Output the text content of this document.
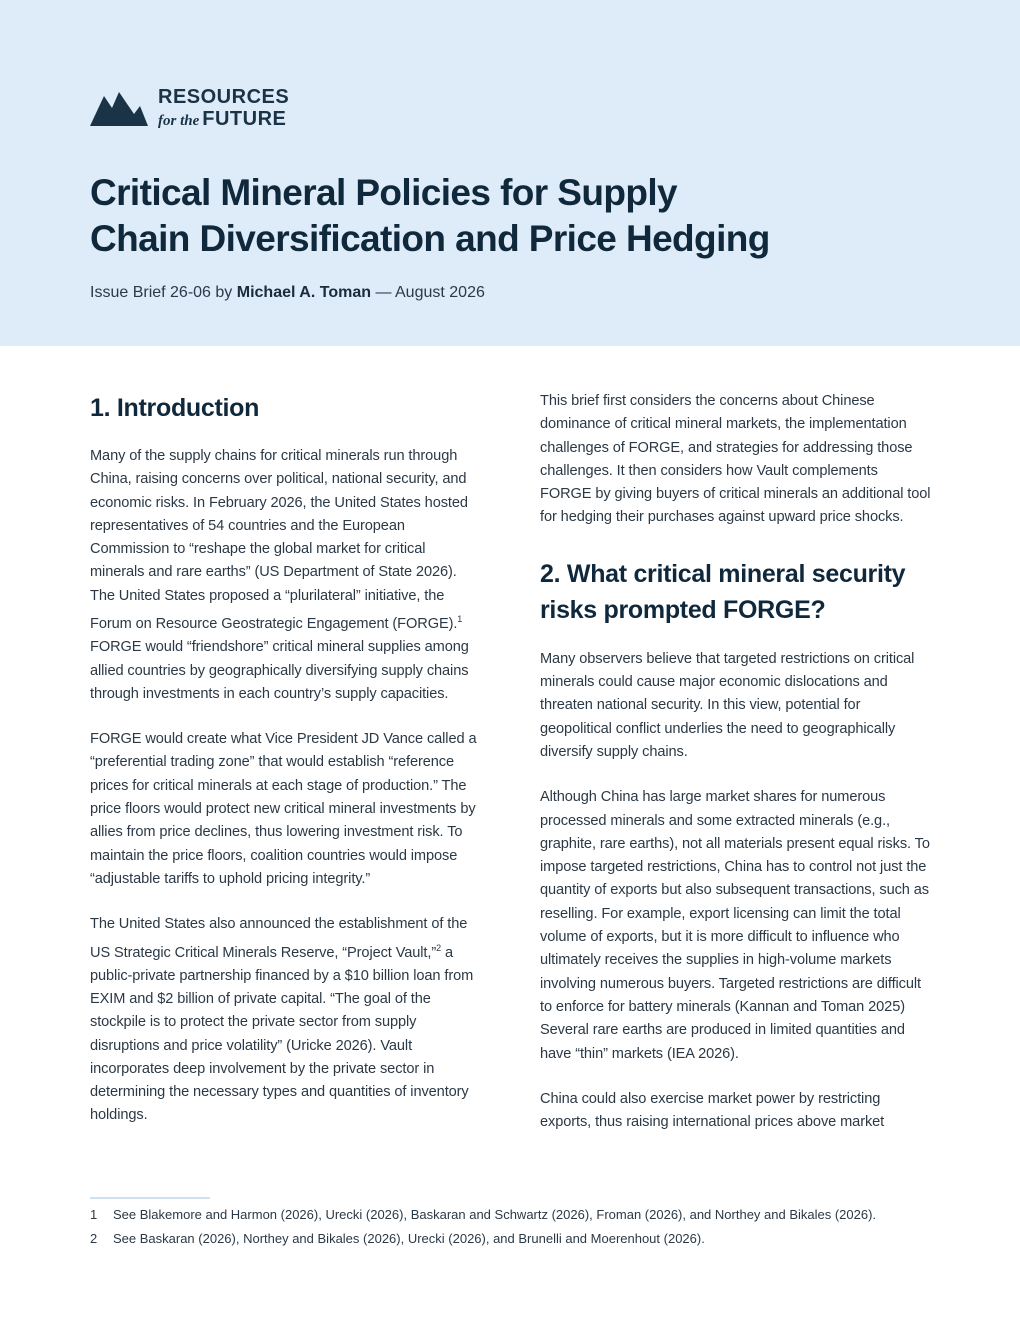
RESOURCES
for the FUTURE
Critical Mineral Policies for Supply
Chain Diversification and Price Hedging
Issue Brief 26-06 by Michael A. Toman — August 2026
1. Introduction

Many of the supply chains for critical minerals run through China, raising concerns over political, national security, and economic risks. In February 2026, the United States hosted representatives of 54 countries and the European Commission to “reshape the global market for critical minerals and rare earths” (US Department of State 2026). The United States proposed a “plurilateral” initiative, the Forum on Resource Geostrategic Engagement (FORGE).$^1$ FORGE would “friendshore” critical mineral supplies among allied countries by geographically diversifying supply chains through investments in each country’s supply capacities.

FORGE would create what Vice President JD Vance called a “preferential trading zone” that would establish “reference prices for critical minerals at each stage of production.” The price floors would protect new critical mineral investments by allies from price declines, thus lowering investment risk. To maintain the price floors, coalition countries would impose “adjustable tariffs to uphold pricing integrity.”

The United States also announced the establishment of the US Strategic Critical Minerals Reserve, “Project Vault,”$^2$ a public-private partnership financed by a $10 billion loan from EXIM and $2 billion of private capital. “The goal of the stockpile is to protect the private sector from supply disruptions and price volatility” (Uricke 2026). Vault incorporates deep involvement by the private sector in determining the necessary types and quantities of inventory holdings.

This brief first considers the concerns about Chinese dominance of critical mineral markets, the implementation challenges of FORGE, and strategies for addressing those challenges. It then considers how Vault complements FORGE by giving buyers of critical minerals an additional tool for hedging their purchases against upward price shocks.

2. What critical mineral security
risks prompted FORGE?

Many observers believe that targeted restrictions on critical minerals could cause major economic dislocations and threaten national security. In this view, potential for geopolitical conflict underlies the need to geographically diversify supply chains.

Although China has large market shares for numerous processed minerals and some extracted minerals (e.g., graphite, rare earths), not all materials present equal risks. To impose targeted restrictions, China has to control not just the quantity of exports but also subsequent transactions, such as reselling. For example, export licensing can limit the total volume of exports, but it is more difficult to influence who ultimately receives the supplies in high-volume markets involving numerous buyers. Targeted restrictions are difficult to enforce for battery minerals (Kannan and Toman 2025) Several rare earths are produced in limited quantities and have “thin” markets (IEA 2026).

China could also exercise market power by restricting exports, thus raising international prices above market

1	See Blakemore and Harmon (2026), Urecki (2026), Baskaran and Schwartz (2026), Froman (2026), and Northey and Bikales (2026).
2	See Baskaran (2026), Northey and Bikales (2026), Urecki (2026), and Brunelli and Moerenhout (2026).
